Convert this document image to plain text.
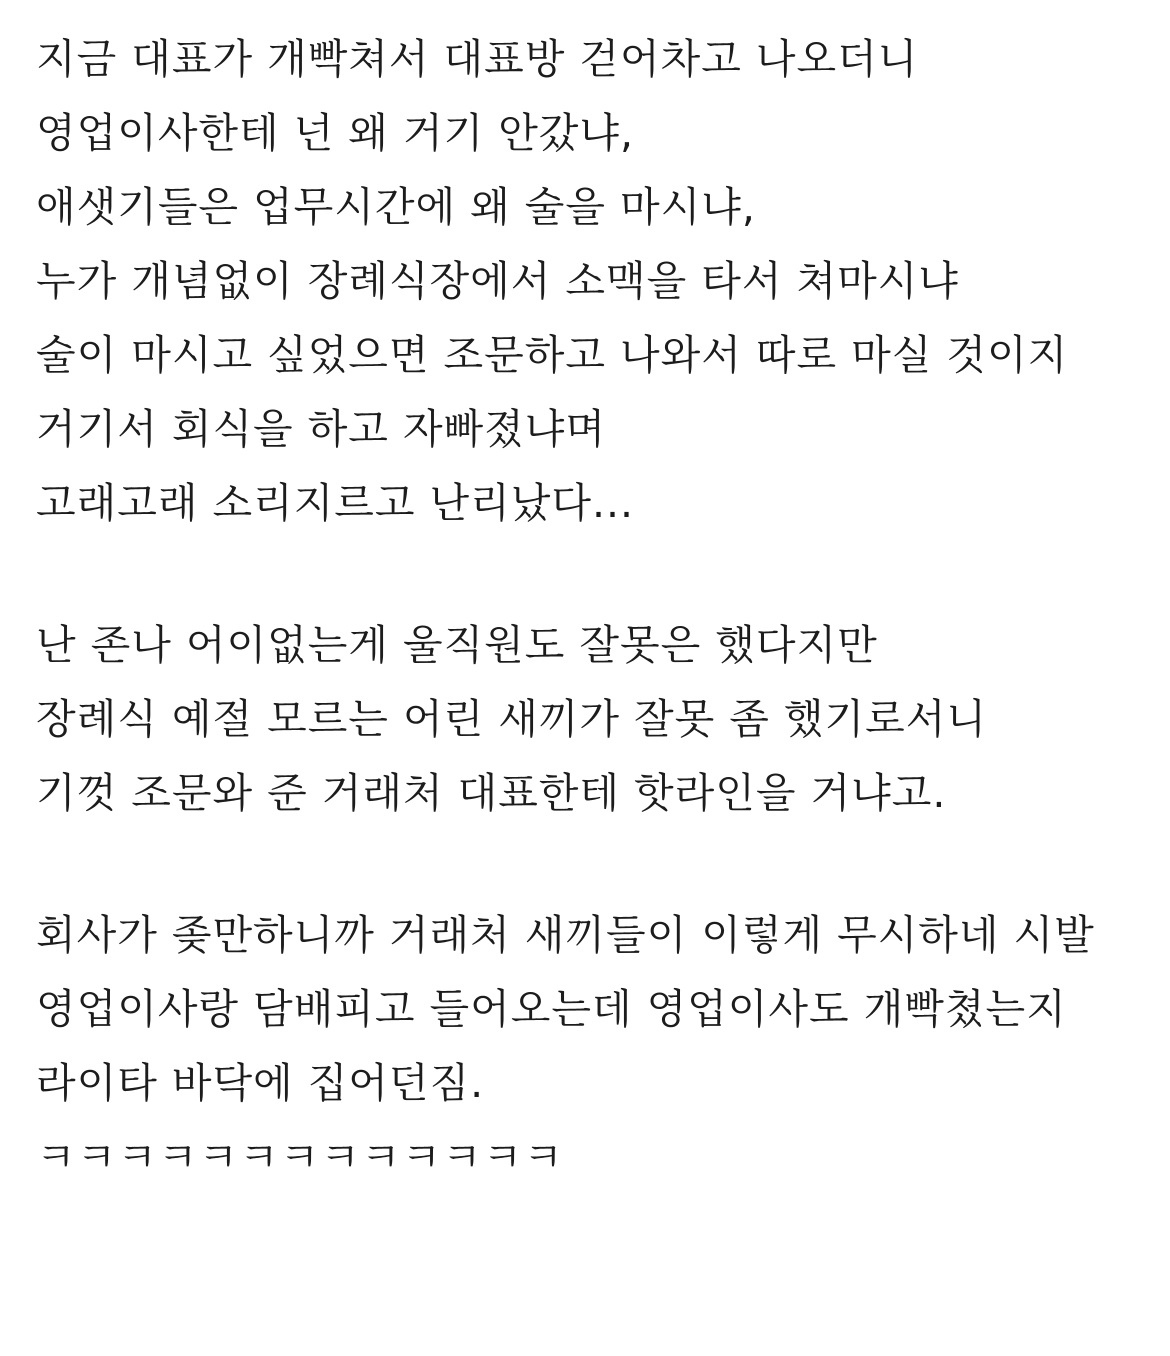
지금 대표가 개빡쳐서 대표방 걷어차고 나오더니
영업이사한테 넌 왜 거기 안갔냐,
애샛기들은 업무시간에 왜 술을 마시냐,
누가 개념없이 장례식장에서 소맥을 타서 쳐마시냐
술이 마시고 싶었으면 조문하고 나와서 따로 마실 것이지
거기서 회식을 하고 자빠졌냐며
고래고래 소리지르고 난리났다...
난 존나 어이없는게 울직원도 잘못은 했다지만
장례식 예절 모르는 어린 새끼가 잘못 좀 했기로서니
기껏 조문와 준 거래처 대표한테 핫라인을 거냐고.
회사가 좆만하니까 거래처 새끼들이 이렇게 무시하네 시발
영업이사랑 담배피고 들어오는데 영업이사도 개빡쳤는지
라이타 바닥에 집어던짐.
ㅋㅋㅋㅋㅋㅋㅋㅋㅋㅋㅋㅋㅋ
